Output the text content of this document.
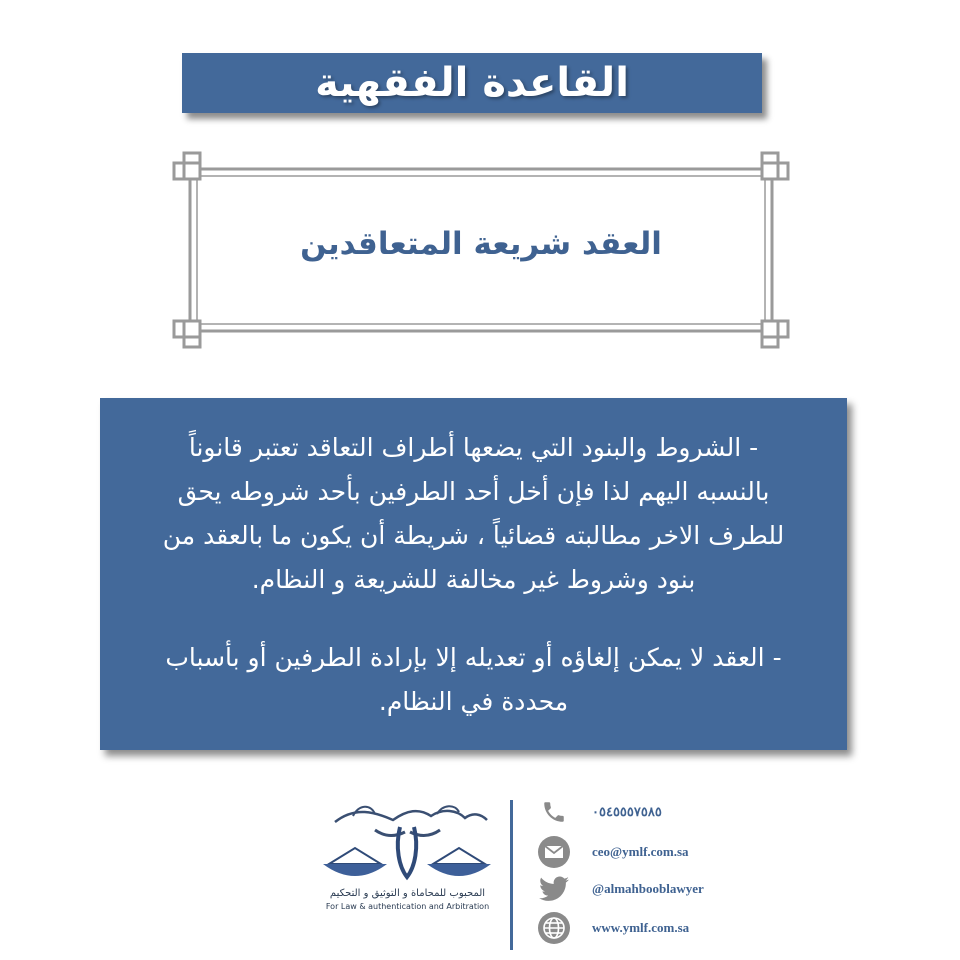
القاعدة الفقهية
العقد شريعة المتعاقدين

- الشروط والبنود التي يضعها أطراف التعاقد تعتبر قانوناً بالنسبه اليهم لذا فإن أخل أحد الطرفين بأحد شروطه يحق للطرف الاخر مطالبته قضائياً ، شريطة أن يكون ما بالعقد من بنود وشروط غير مخالفة للشريعة و النظام.

- العقد لا يمكن إلغاؤه أو تعديله إلا بإرادة الطرفين أو بأسباب محددة في النظام.

المحبوب للمحاماة و التوثيق و التحكيم
For Law & authentication and Arbitration
٠٥٤٥٥٥٧٥٨٥
ceo@ymlf.com.sa
@almahbooblawyer
www.ymlf.com.sa
